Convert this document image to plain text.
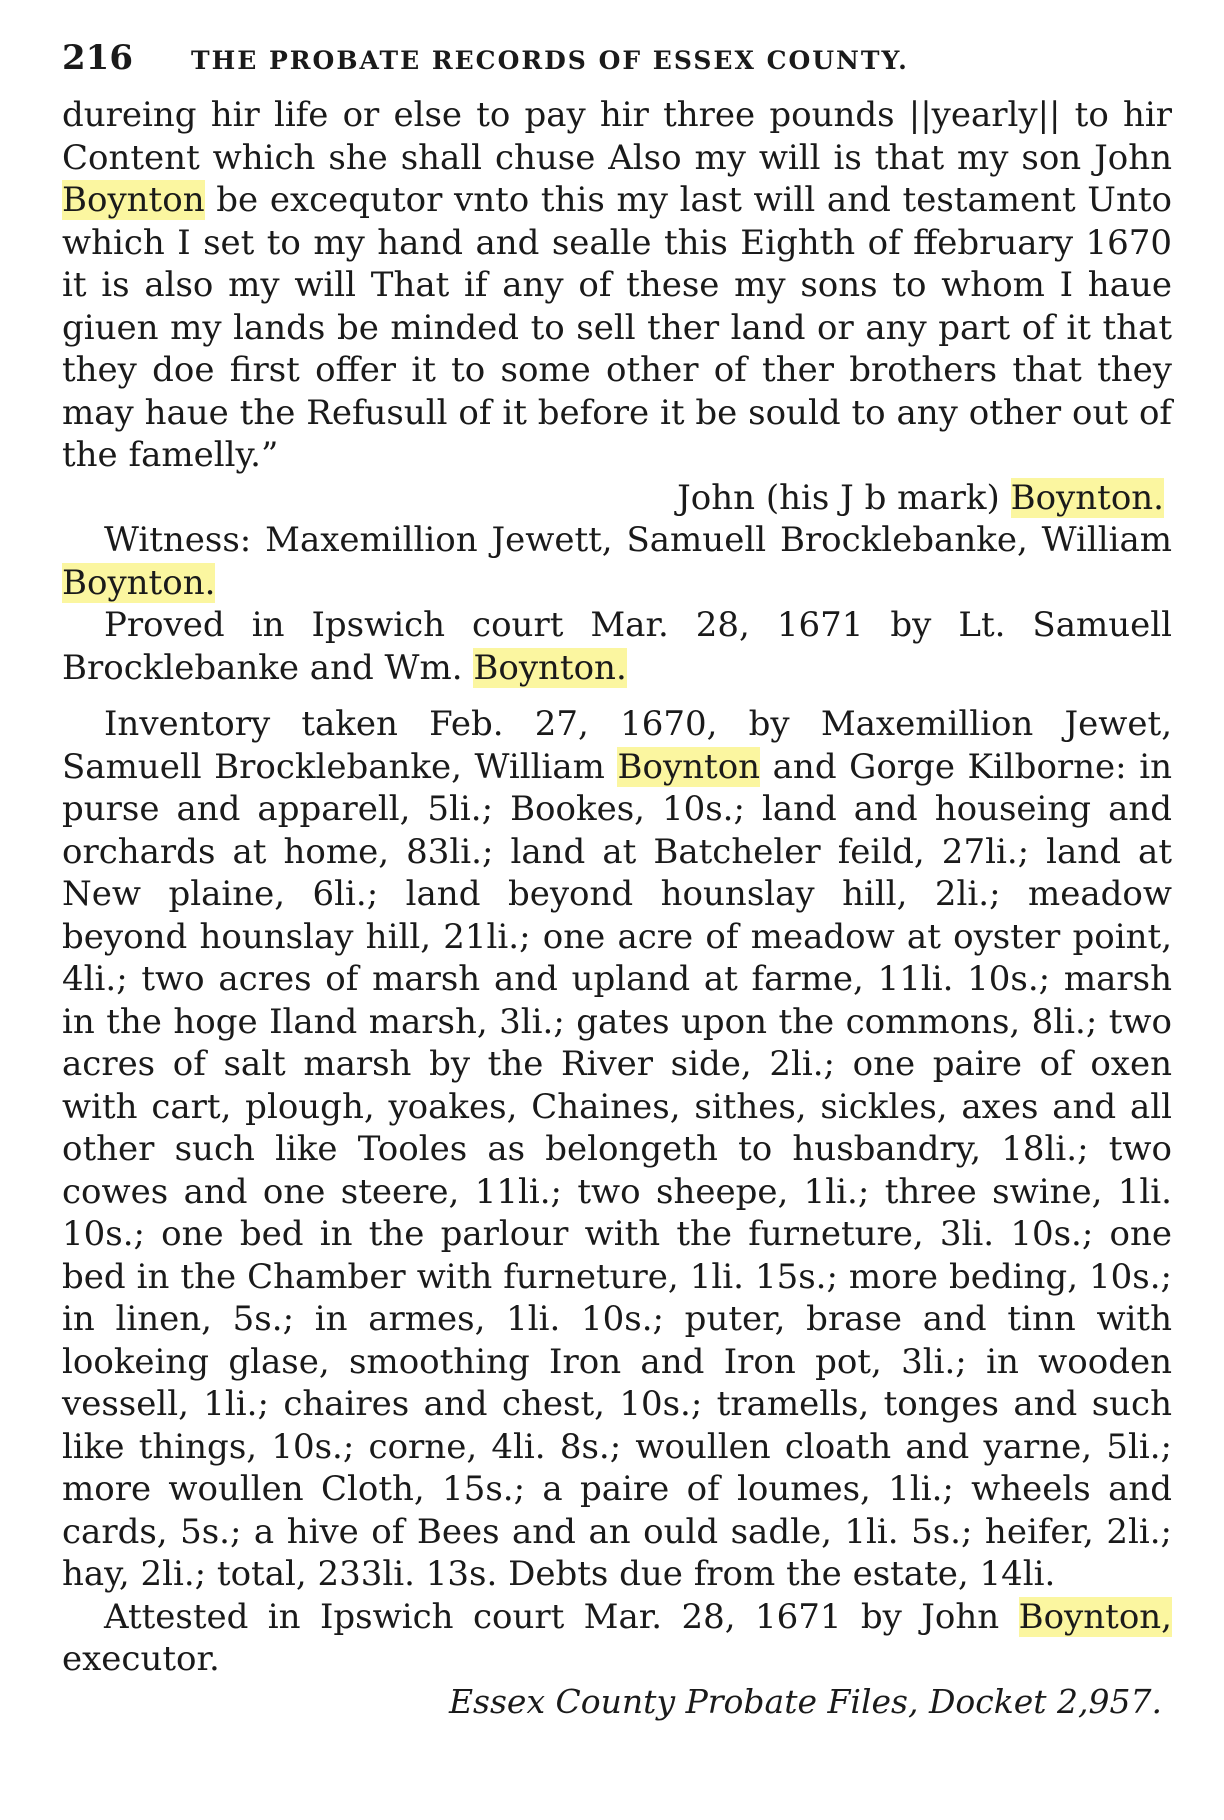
216 THE PROBATE RECORDS OF ESSEX COUNTY.

dureing hir life or else to pay hir three pounds ||yearly|| to hir Content which she shall chuse Also my will is that my son John Boynton be excequtor vnto this my last will and testament Unto which I set to my hand and sealle this Eighth of ffebruary 1670 it is also my will That if any of these my sons to whom I haue giuen my lands be minded to sell ther land or any part of it that they doe first offer it to some other of ther brothers that they may haue the Refusull of it before it be sould to any other out of the famelly.”

John (his J b mark) Boynton.

Witness: Maxemillion Jewett, Samuell Brocklebanke, William Boynton.

Proved in Ipswich court Mar. 28, 1671 by Lt. Samuell Brocklebanke and Wm. Boynton.

Inventory taken Feb. 27, 1670, by Maxemillion Jewet, Samuell Brocklebanke, William Boynton and Gorge Kilborne: in purse and apparell, 5li.; Bookes, 10s.; land and houseing and orchards at home, 83li.; land at Batcheler feild, 27li.; land at New plaine, 6li.; land beyond hounslay hill, 2li.; meadow beyond hounslay hill, 21li.; one acre of meadow at oyster point, 4li.; two acres of marsh and upland at farme, 11li. 10s.; marsh in the hoge Iland marsh, 3li.; gates upon the commons, 8li.; two acres of salt marsh by the River side, 2li.; one paire of oxen with cart, plough, yoakes, Chaines, sithes, sickles, axes and all other such like Tooles as belongeth to husbandry, 18li.; two cowes and one steere, 11li.; two sheepe, 1li.; three swine, 1li. 10s.; one bed in the parlour with the furneture, 3li. 10s.; one bed in the Chamber with furneture, 1li. 15s.; more beding, 10s.; in linen, 5s.; in armes, 1li. 10s.; puter, brase and tinn with lookeing glase, smoothing Iron and Iron pot, 3li.; in wooden vessell, 1li.; chaires and chest, 10s.; tramells, tonges and such like things, 10s.; corne, 4li. 8s.; woullen cloath and yarne, 5li.; more woullen Cloth, 15s.; a paire of loumes, 1li.; wheels and cards, 5s.; a hive of Bees and an ould sadle, 1li. 5s.; heifer, 2li.; hay, 2li.; total, 233li. 13s. Debts due from the estate, 14li.

Attested in Ipswich court Mar. 28, 1671 by John Boynton, executor.

Essex County Probate Files, Docket 2,957.
